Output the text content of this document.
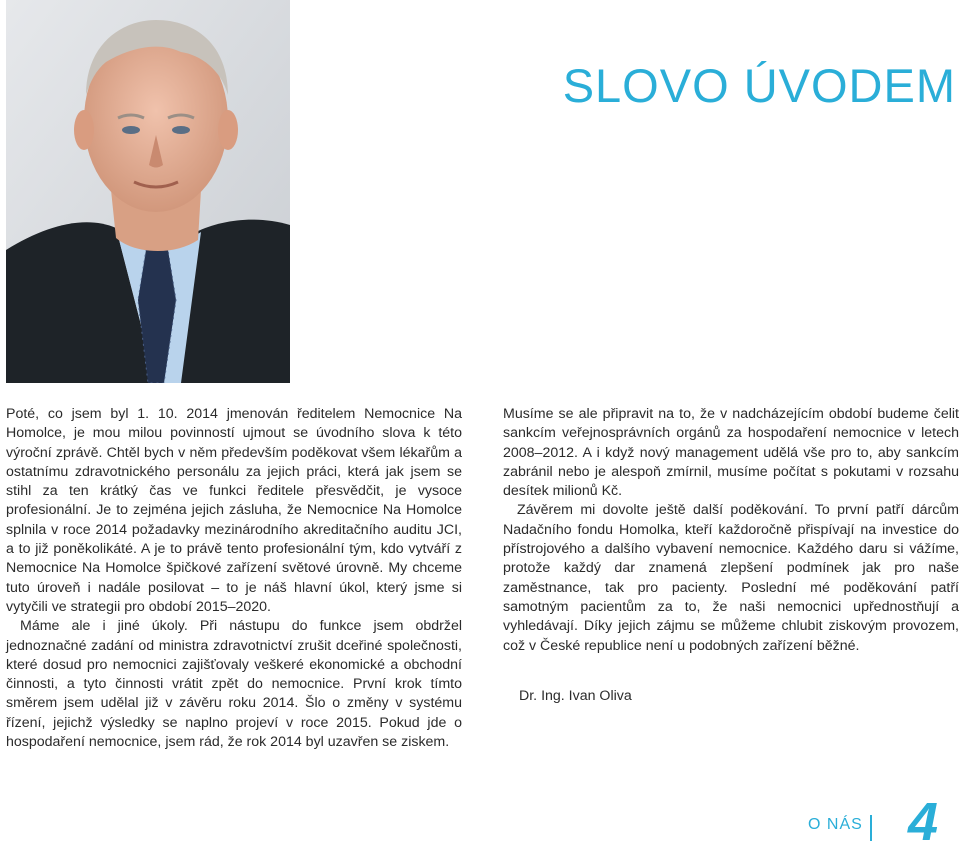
SLOVO ÚVODEM

Poté, co jsem byl 1. 10. 2014 jmenován ředitelem Nemocnice Na Homolce, je mou milou povinností ujmout se úvodního slova k této výroční zprávě. Chtěl bych v něm především poděkovat všem lékařům a ostatnímu zdravotnického personálu za jejich práci, která jak jsem se stihl za ten krátký čas ve funkci ředitele přesvědčit, je vysoce profesionální. Je to zejména jejich zásluha, že Nemocnice Na Homolce splnila v roce 2014 požadavky mezinárodního akreditačního auditu JCI, a to již poněkolikáté. A je to právě tento profesionální tým, kdo vytváří z Nemocnice Na Homolce špičkové zařízení světové úrovně. My chceme tuto úroveň i nadále posilovat – to je náš hlavní úkol, který jsme si vytyčili ve strategii pro období 2015–2020.

Máme ale i jiné úkoly. Při nástupu do funkce jsem obdržel jednoznačné zadání od ministra zdravotnictví zrušit dceřiné společnosti, které dosud pro nemocnici zajišťovaly veškeré ekonomické a obchodní činnosti, a tyto činnosti vrátit zpět do nemocnice. První krok tímto směrem jsem udělal již v závěru roku 2014. Šlo o změny v systému řízení, jejichž výsledky se naplno projeví v roce 2015. Pokud jde o hospodaření nemocnice, jsem rád, že rok 2014 byl uzavřen se ziskem.

Musíme se ale připravit na to, že v nadcházejícím období budeme čelit sankcím veřejnosprávních orgánů za hospodaření nemocnice v letech 2008–2012. A i když nový management udělá vše pro to, aby sankcím zabránil nebo je alespoň zmírnil, musíme počítat s pokutami v rozsahu desítek milionů Kč.

Závěrem mi dovolte ještě další poděkování. To první patří dárcům Nadačního fondu Homolka, kteří každoročně přispívají na investice do přístrojového a dalšího vybavení nemocnice. Každého daru si vážíme, protože každý dar znamená zlepšení podmínek jak pro naše zaměstnance, tak pro pacienty. Poslední mé poděkování patří samotným pacientům za to, že naši nemocnici upřednostňují a vyhledávají. Díky jejich zájmu se můžeme chlubit ziskovým provozem, což v České republice není u podobných zařízení běžné.

Dr. Ing. Ivan Oliva
O NÁS 4
